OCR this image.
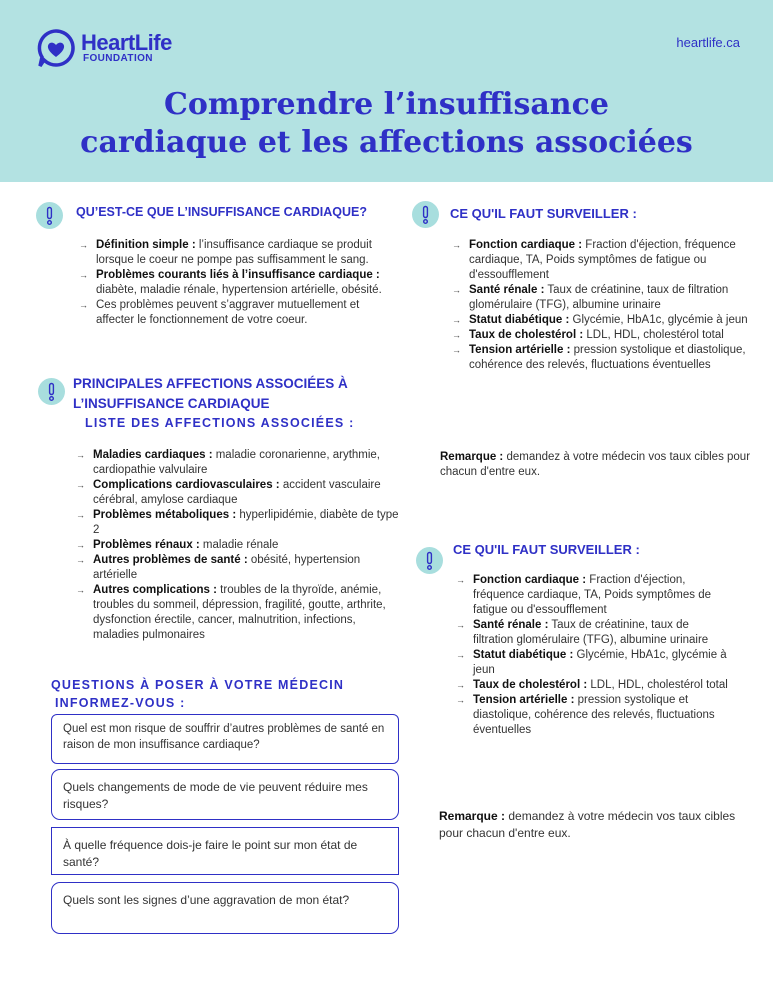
HeartLife
FOUNDATION
heartlife.ca
Comprendre l’insuffisance
cardiaque et les affections associées
QU’EST-CE QUE L’INSUFFISANCE CARDIAQUE?
→ Définition simple : l’insuffisance cardiaque se produit lorsque le coeur ne pompe pas suffisamment le sang.
→ Problèmes courants liés à l’insuffisance cardiaque : diabète, maladie rénale, hypertension artérielle, obésité.
→ Ces problèmes peuvent s’aggraver mutuellement et affecter le fonctionnement de votre coeur.
PRINCIPALES AFFECTIONS ASSOCIÉES À
L’INSUFFISANCE CARDIAQUE
LISTE DES AFFECTIONS ASSOCIÉES :
→ Maladies cardiaques : maladie coronarienne, arythmie, cardiopathie valvulaire
→ Complications cardiovasculaires : accident vasculaire cérébral, amylose cardiaque
→ Problèmes métaboliques : hyperlipidémie, diabète de type 2
→ Problèmes rénaux : maladie rénale
→ Autres problèmes de santé : obésité, hypertension artérielle
→ Autres complications : troubles de la thyroïde, anémie, troubles du sommeil, dépression, fragilité, goutte, arthrite, dysfonction érectile, cancer, malnutrition, infections, maladies pulmonaires
QUESTIONS À POSER À VOTRE MÉDECIN
INFORMEZ-VOUS :
Quel est mon risque de souffrir d’autres problèmes de santé en raison de mon insuffisance cardiaque?
Quels changements de mode de vie peuvent réduire mes risques?
À quelle fréquence dois-je faire le point sur mon état de santé?
Quels sont les signes d’une aggravation de mon état?
CE QU'IL FAUT SURVEILLER :
→ Fonction cardiaque : Fraction d'éjection, fréquence cardiaque, TA, Poids symptômes de fatigue ou d'essoufflement
→ Santé rénale : Taux de créatinine, taux de filtration glomérulaire (TFG), albumine urinaire
→ Statut diabétique : Glycémie, HbA1c, glycémie à jeun
→ Taux de cholestérol : LDL, HDL, cholestérol total
→ Tension artérielle : pression systolique et diastolique, cohérence des relevés, fluctuations éventuelles
Remarque : demandez à votre médecin vos taux cibles pour chacun d'entre eux.
CE QU'IL FAUT SURVEILLER :
→ Fonction cardiaque : Fraction d'éjection, fréquence cardiaque, TA, Poids symptômes de fatigue ou d'essoufflement
→ Santé rénale : Taux de créatinine, taux de filtration glomérulaire (TFG), albumine urinaire
→ Statut diabétique : Glycémie, HbA1c, glycémie à jeun
→ Taux de cholestérol : LDL, HDL, cholestérol total
→ Tension artérielle : pression systolique et diastolique, cohérence des relevés, fluctuations éventuelles
Remarque : demandez à votre médecin vos taux cibles pour chacun d'entre eux.
